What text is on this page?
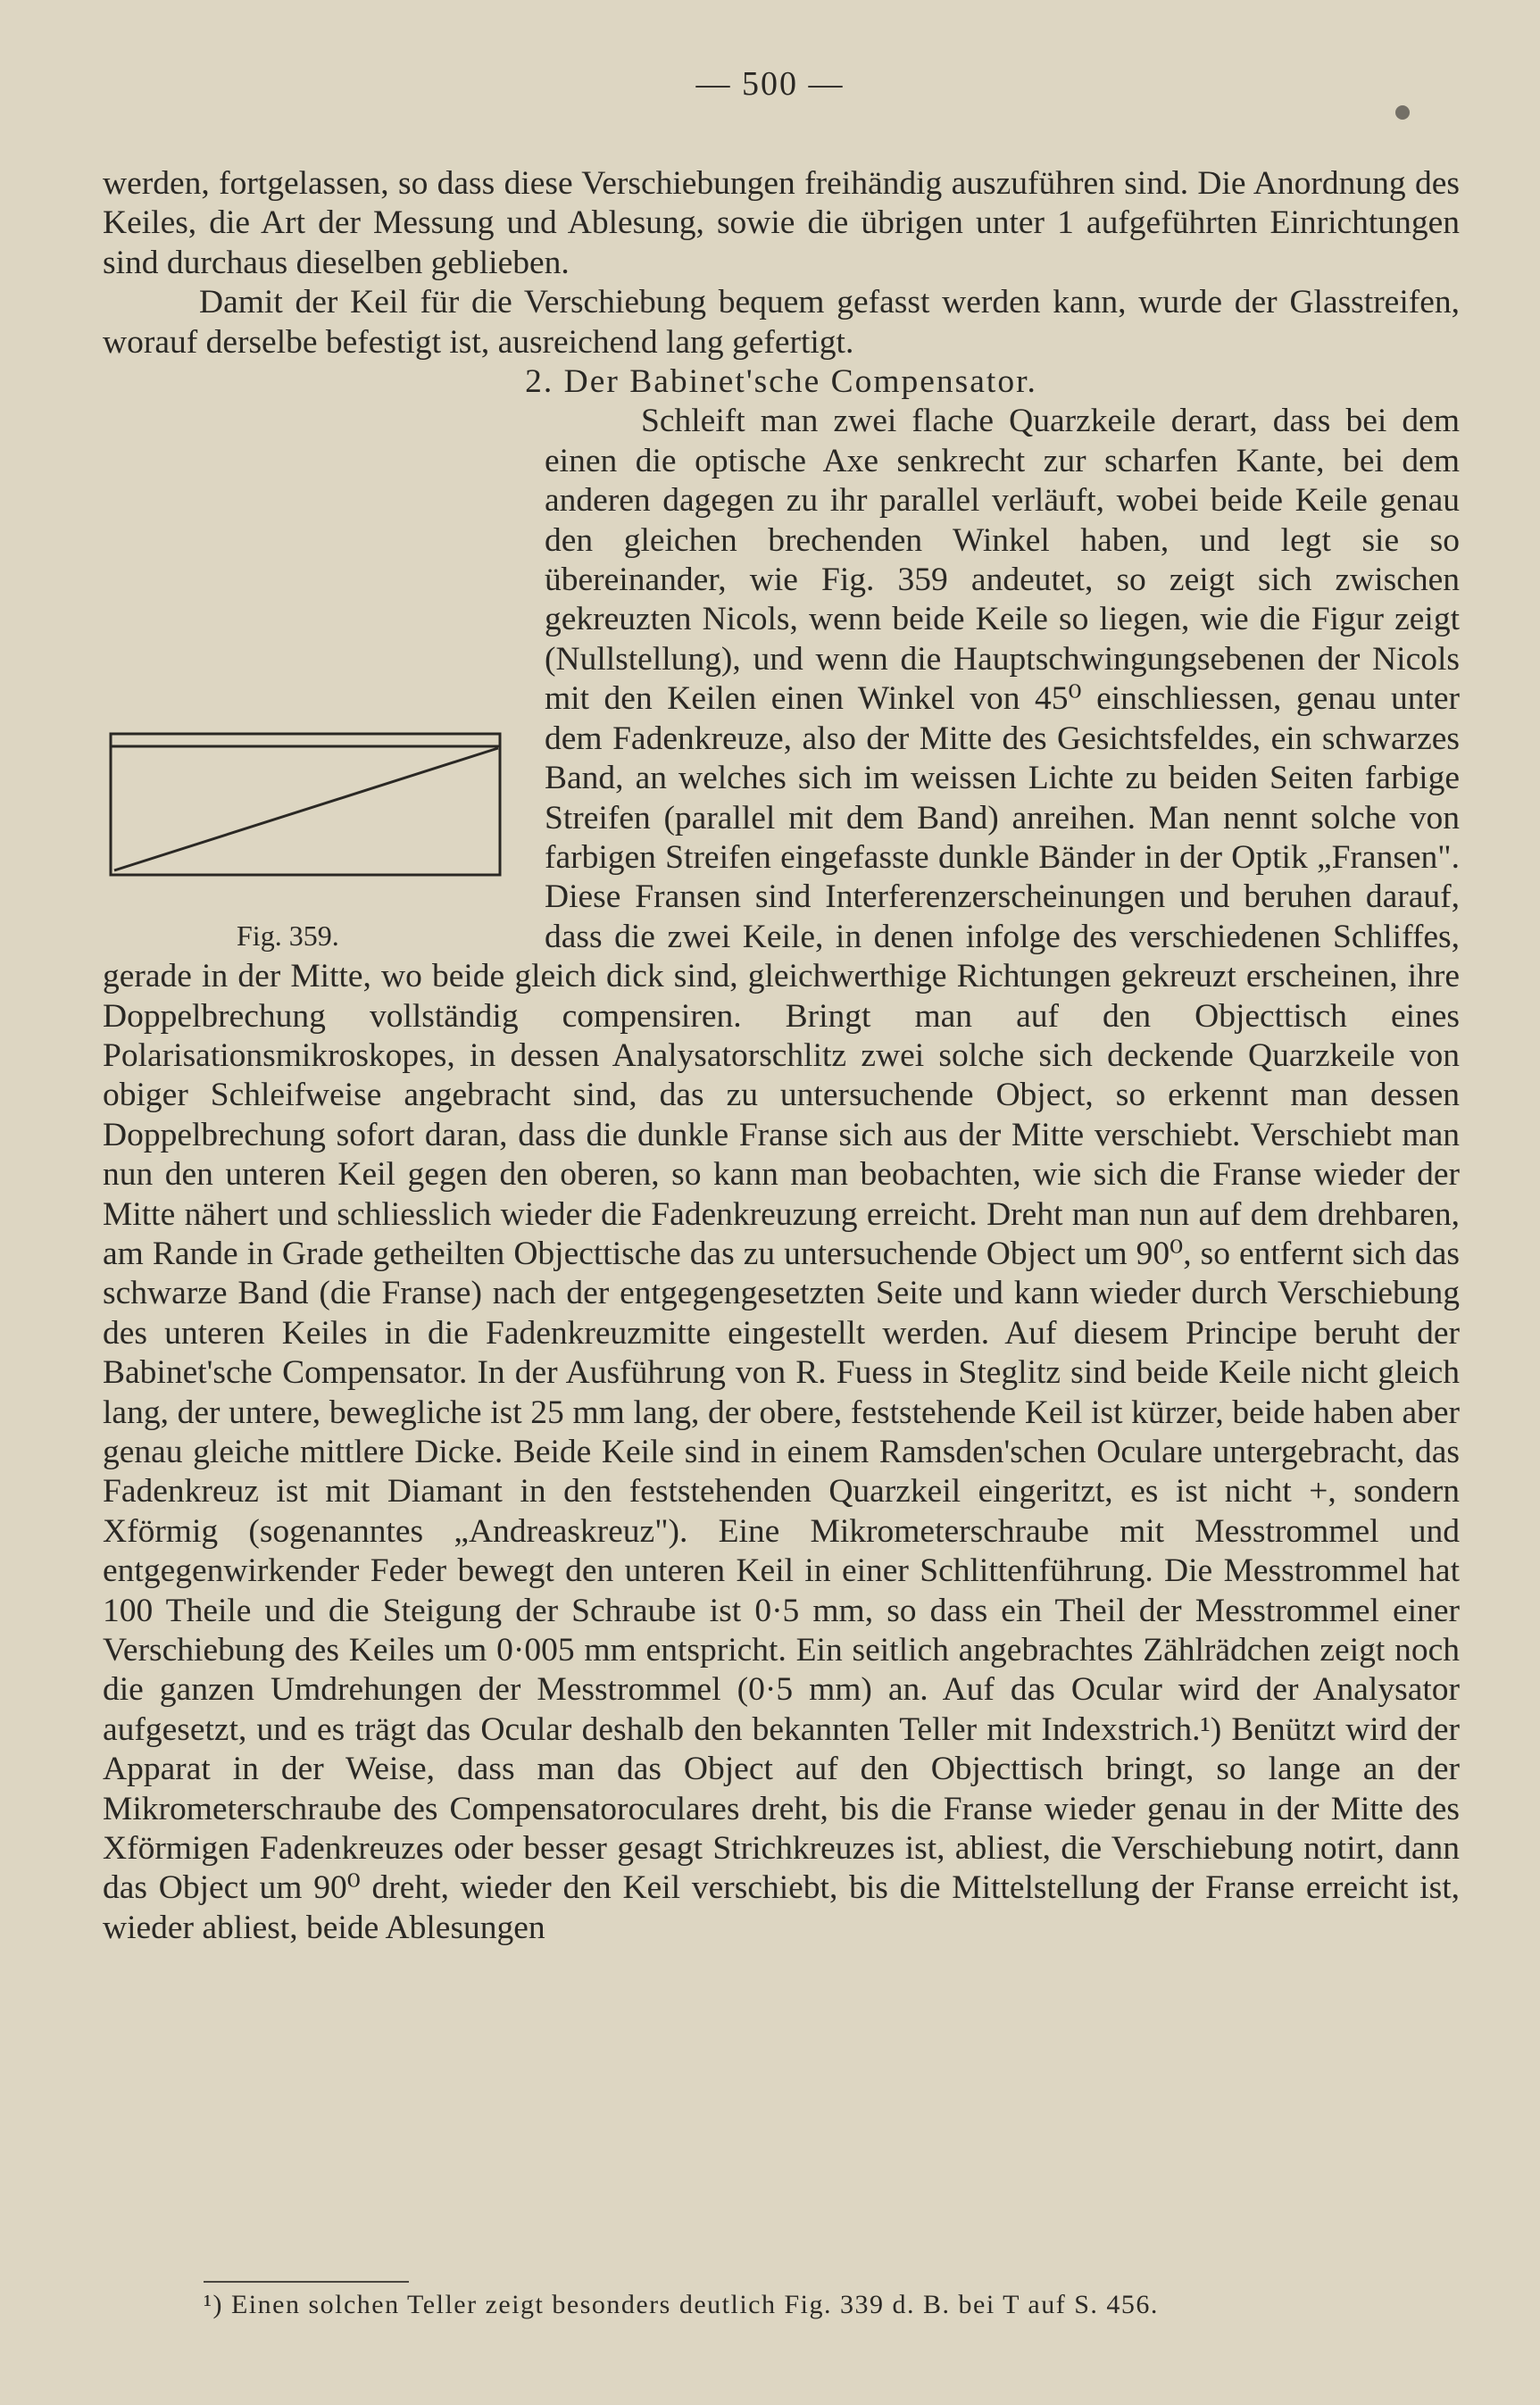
— 500 —

werden, fortgelassen, so dass diese Verschiebungen freihändig auszuführen sind. Die Anordnung des Keiles, die Art der Messung und Ablesung, sowie die übrigen unter 1 aufgeführten Einrichtungen sind durchaus dieselben geblieben.

Damit der Keil für die Verschiebung bequem gefasst werden kann, wurde der Glasstreifen, worauf derselbe befestigt ist, ausreichend lang gefertigt.

2. Der Babinet'sche Compensator.

Fig. 359.

Schleift man zwei flache Quarzkeile derart, dass bei dem einen die optische Axe senkrecht zur scharfen Kante, bei dem anderen dagegen zu ihr parallel verläuft, wobei beide Keile genau den gleichen brechenden Winkel haben, und legt sie so übereinander, wie Fig. 359 andeutet, so zeigt sich zwischen gekreuzten Nicols, wenn beide Keile so liegen, wie die Figur zeigt (Nullstellung), und wenn die Hauptschwingungsebenen der Nicols mit den Keilen einen Winkel von 45⁰ einschliessen, genau unter dem Fadenkreuze, also der Mitte des Gesichtsfeldes, ein schwarzes Band, an welches sich im weissen Lichte zu beiden Seiten farbige Streifen (parallel mit dem Band) anreihen. Man nennt solche von farbigen Streifen eingefasste dunkle Bänder in der Optik „Fransen". Diese Fransen sind Interferenzerscheinungen und beruhen darauf, dass die zwei Keile, in denen infolge des verschiedenen Schliffes, gerade in der Mitte, wo beide gleich dick sind, gleichwerthige Richtungen gekreuzt erscheinen, ihre Doppelbrechung vollständig compensiren. Bringt man auf den Objecttisch eines Polarisationsmikroskopes, in dessen Analysatorschlitz zwei solche sich deckende Quarzkeile von obiger Schleifweise angebracht sind, das zu untersuchende Object, so erkennt man dessen Doppelbrechung sofort daran, dass die dunkle Franse sich aus der Mitte verschiebt. Verschiebt man nun den unteren Keil gegen den oberen, so kann man beobachten, wie sich die Franse wieder der Mitte nähert und schliesslich wieder die Fadenkreuzung erreicht. Dreht man nun auf dem drehbaren, am Rande in Grade getheilten Objecttische das zu untersuchende Object um 90⁰, so entfernt sich das schwarze Band (die Franse) nach der entgegengesetzten Seite und kann wieder durch Verschiebung des unteren Keiles in die Fadenkreuzmitte eingestellt werden. Auf diesem Principe beruht der Babinet'sche Compensator. In der Ausführung von R. Fuess in Steglitz sind beide Keile nicht gleich lang, der untere, bewegliche ist 25 mm lang, der obere, feststehende Keil ist kürzer, beide haben aber genau gleiche mittlere Dicke. Beide Keile sind in einem Ramsden'schen Oculare untergebracht, das Fadenkreuz ist mit Diamant in den feststehenden Quarzkeil eingeritzt, es ist nicht +, sondern Xförmig (sogenanntes „Andreaskreuz"). Eine Mikrometerschraube mit Messtrommel und entgegenwirkender Feder bewegt den unteren Keil in einer Schlittenführung. Die Messtrommel hat 100 Theile und die Steigung der Schraube ist 0·5 mm, so dass ein Theil der Messtrommel einer Verschiebung des Keiles um 0·005 mm entspricht. Ein seitlich angebrachtes Zählrädchen zeigt noch die ganzen Umdrehungen der Messtrommel (0·5 mm) an. Auf das Ocular wird der Analysator aufgesetzt, und es trägt das Ocular deshalb den bekannten Teller mit Indexstrich.¹) Benützt wird der Apparat in der Weise, dass man das Object auf den Objecttisch bringt, so lange an der Mikrometerschraube des Compensatoroculares dreht, bis die Franse wieder genau in der Mitte des Xförmigen Fadenkreuzes oder besser gesagt Strichkreuzes ist, abliest, die Verschiebung notirt, dann das Object um 90⁰ dreht, wieder den Keil verschiebt, bis die Mittelstellung der Franse erreicht ist, wieder abliest, beide Ablesungen

¹) Einen solchen Teller zeigt besonders deutlich Fig. 339 d. B. bei T auf S. 456.
